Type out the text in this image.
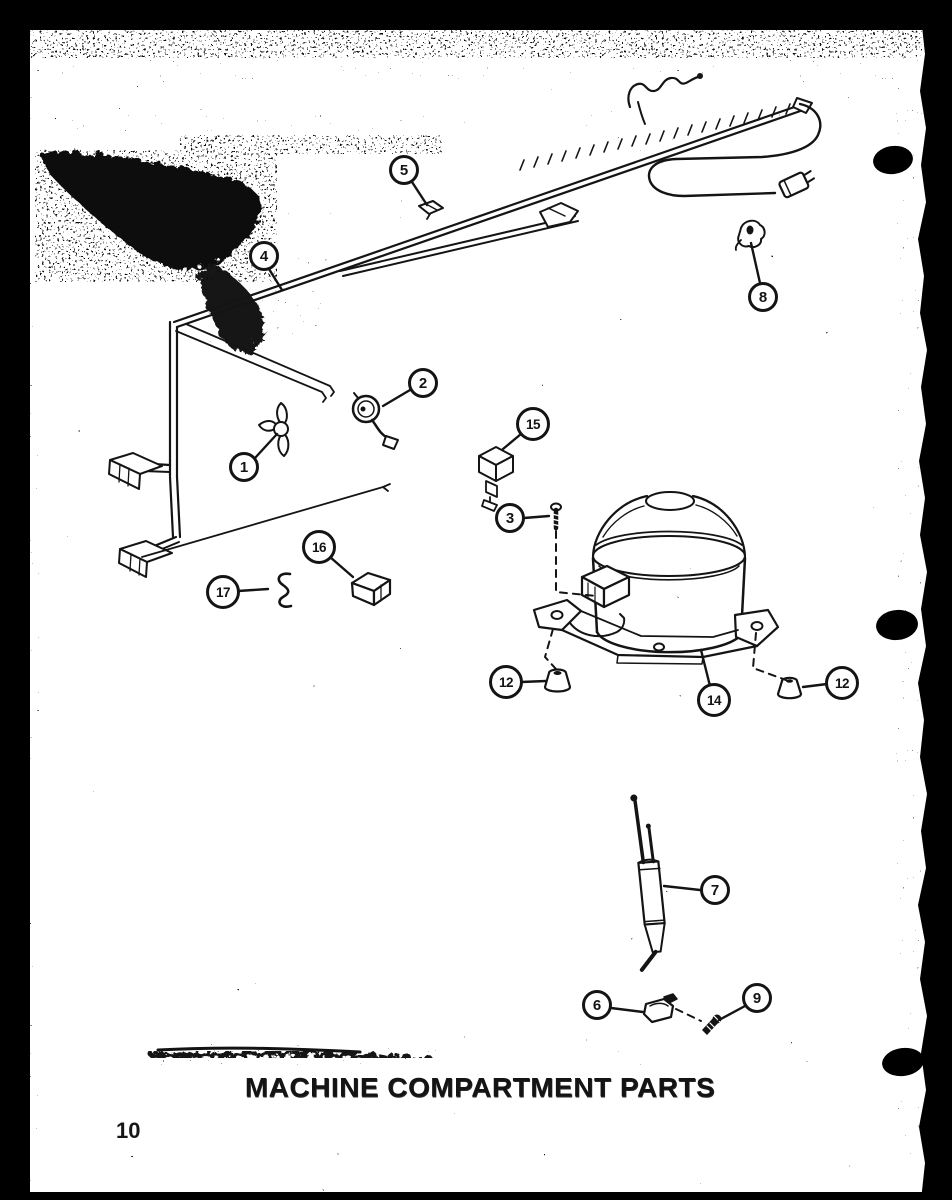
1
2
3
4
5
6
7
8
9
12	12
14
15
16
17
MACHINE COMPARTMENT PARTS
10
